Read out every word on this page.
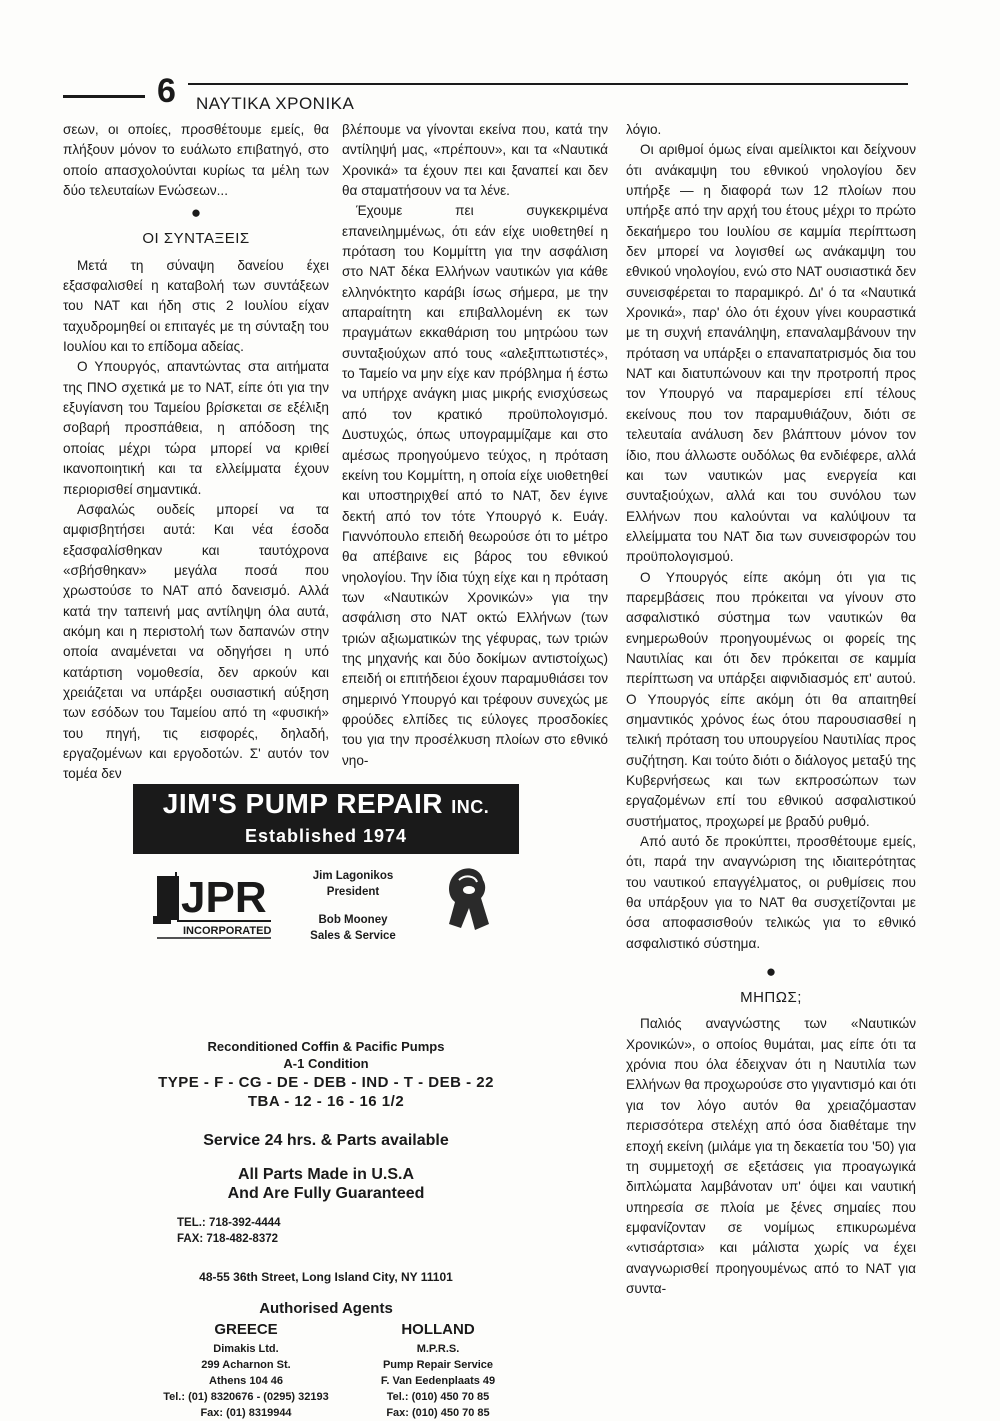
6 ΝΑΥΤΙΚΑ ΧΡΟΝΙΚΑ

σεων, οι οποίες, προσθέτουμε εμείς, θα πλήξουν μόνον το ευάλωτο επιβατηγό, στο οποίο απασχολούνται κυρίως τα μέλη των δύο τελευταίων Ενώσεων...

●
ΟΙ ΣΥΝΤΑΞΕΙΣ

Μετά τη σύναψη δανείου έχει εξασφαλισθεί η καταβολή των συντάξεων του ΝΑΤ και ήδη στις 2 Ιουλίου είχαν ταχυδρομηθεί οι επιταγές με τη σύνταξη του Ιουλίου και το επίδομα αδείας.

Ο Υπουργός, απαντώντας στα αιτήματα της ΠΝΟ σχετικά με το ΝΑΤ, είπε ότι για την εξυγίανση του Ταμείου βρίσκεται σε εξέλιξη σοβαρή προσπάθεια, η απόδοση της οποίας μέχρι τώρα μπορεί να κριθεί ικανοποιητική και τα ελλείμματα έχουν περιορισθεί σημαντικά.

Ασφαλώς ουδείς μπορεί να τα αμφισβητήσει αυτά: Και νέα έσοδα εξασφαλίσθηκαν και ταυτόχρονα «σβήσθηκαν» μεγάλα ποσά που χρωστούσε το ΝΑΤ από δανεισμό. Αλλά κατά την ταπεινή μας αντίληψη όλα αυτά, ακόμη και η περιστολή των δαπανών στην οποία αναμένεται να οδηγήσει η υπό κατάρτιση νομοθεσία, δεν αρκούν και χρειάζεται να υπάρξει ουσιαστική αύξηση των εσόδων του Ταμείου από τη «φυσική» του πηγή, τις εισφορές, δηλαδή, εργαζομένων και εργοδοτών. Σ' αυτόν τον τομέα δεν

βλέπουμε να γίνονται εκείνα που, κατά την αντίληψή μας, «πρέπουν», και τα «Ναυτικά Χρονικά» τα έχουν πει και ξαναπεί και δεν θα σταματήσουν να τα λένε.

Έχουμε πει συγκεκριμένα επανειλημμένως, ότι εάν είχε υιοθετηθεί η πρόταση του Κομμίττη για την ασφάλιση στο ΝΑΤ δέκα Ελλήνων ναυτικών για κάθε ελληνόκτητο καράβι ίσως σήμερα, με την απαραίτητη και επιβαλλομένη εκ των πραγμάτων εκκαθάριση του μητρώου των συνταξιούχων από τους «αλεξιπτωτιστές», το Ταμείο να μην είχε καν πρόβλημα ή έστω να υπήρχε ανάγκη μιας μικρής ενισχύσεως από τον κρατικό προϋπολογισμό. Δυστυχώς, όπως υπογραμμίζαμε και στο αμέσως προηγούμενο τεύχος, η πρόταση εκείνη του Κομμίττη, η οποία είχε υιοθετηθεί και υποστηριχθεί από το ΝΑΤ, δεν έγινε δεκτή από τον τότε Υπουργό κ. Ευάγ. Γιαννόπουλο επειδή θεωρούσε ότι το μέτρο θα απέβαινε εις βάρος του εθνικού νηολογίου. Την ίδια τύχη είχε και η πρόταση των «Ναυτικών Χρονικών» για την ασφάλιση στο ΝΑΤ οκτώ Ελλήνων (των τριών αξιωματικών της γέφυρας, των τριών της μηχανής και δύο δοκίμων αντιστοίχως) επειδή οι επιτήδειοι έχουν παραμυθιάσει τον σημερινό Υπουργό και τρέφουν συνεχώς με φρούδες ελπίδες τις εύλογες προσδοκίες του για την προσέλκυση πλοίων στο εθνικό νηο-

λόγιο.

Οι αριθμοί όμως είναι αμείλικτοι και δείχνουν ότι ανάκαμψη του εθνικού νηολογίου δεν υπήρξε — η διαφορά των 12 πλοίων που υπήρξε από την αρχή του έτους μέχρι το πρώτο δεκαήμερο του Ιουλίου σε καμμία περίπτωση δεν μπορεί να λογισθεί ως ανάκαμψη του εθνικού νηολογίου, ενώ στο ΝΑΤ ουσιαστικά δεν συνεισφέρεται το παραμικρό. Δι' ό τα «Ναυτικά Χρονικά», παρ' όλο ότι έχουν γίνει κουραστικά με τη συχνή επανάληψη, επαναλαμβάνουν την πρόταση να υπάρξει ο επαναπατρισμός δια του ΝΑΤ και διατυπώνουν και την προτροπή προς τον Υπουργό να παραμερίσει επί τέλους εκείνους που τον παραμυθιάζουν, διότι σε τελευταία ανάλυση δεν βλάπτουν μόνον τον ίδιο, που άλλωστε ουδόλως θα ενδιέφερε, αλλά και των ναυτικών μας ενεργεία και συνταξιούχων, αλλά και του συνόλου των Ελλήνων που καλούνται να καλύψουν τα ελλείμματα του ΝΑΤ δια των συνεισφορών του προϋπολογισμού.

Ο Υπουργός είπε ακόμη ότι για τις παρεμβάσεις που πρόκειται να γίνουν στο ασφαλιστικό σύστημα των ναυτικών θα ενημερωθούν προηγουμένως οι φορείς της Ναυτιλίας και ότι δεν πρόκειται σε καμμία περίπτωση να υπάρξει αιφνιδιασμός επ' αυτού. Ο Υπουργός είπε ακόμη ότι θα απαιτηθεί σημαντικός χρόνος έως ότου παρουσιασθεί η τελική πρόταση του υπουργείου Ναυτιλίας προς συζήτηση. Και τούτο διότι ο διάλογος μεταξύ της Κυβερνήσεως και των εκπροσώπων των εργαζομένων επί του εθνικού ασφαλιστικού συστήματος, προχωρεί με βραδύ ρυθμό.

Από αυτό δε προκύπτει, προσθέτουμε εμείς, ότι, παρά την αναγνώριση της ιδιαιτερότητας του ναυτικού επαγγέλματος, οι ρυθμίσεις που θα υπάρξουν για το ΝΑΤ θα συσχετίζονται με όσα αποφασισθούν τελικώς για το εθνικό ασφαλιστικό σύστημα.

●
ΜΗΠΩΣ;

Παλιός αναγνώστης των «Ναυτικών Χρονικών», ο οποίος θυμάται, μας είπε ότι τα χρόνια που όλα έδειχναν ότι η Ναυτιλία των Ελλήνων θα προχωρούσε στο γιγαντισμό και ότι για τον λόγο αυτόν θα χρειαζόμασταν περισσότερα στελέχη από όσα διαθέταμε την εποχή εκείνη (μιλάμε για τη δεκαετία του '50) για τη συμμετοχή σε εξετάσεις για προαγωγικά διπλώματα λαμβάνοταν υπ' όψει και ναυτική υπηρεσία σε πλοία με ξένες σημαίες που εμφανίζονταν σε νομίμως επικυρωμένα «ντισάρτσια» και μάλιστα χωρίς να έχει αναγνωρισθεί προηγουμένως από το ΝΑΤ για συντα-

JIM'S PUMP REPAIR INC.
Established 1974
JPR
INCORPORATED
Jim Lagonikos
President
Bob Mooney
Sales & Service
Reconditioned Coffin & Pacific Pumps
A-1 Condition
TYPE - F - CG - DE - DEB - IND - T - DEB - 22
TBA - 12 - 16 - 16 1/2
Service 24 hrs. & Parts available
All Parts Made in U.S.A
And Are Fully Guaranteed
TEL.: 718-392-4444
FAX: 718-482-8372
48-55 36th Street, Long Island City, NY 11101
Authorised Agents
GREECE
Dimakis Ltd.
299 Acharnon St.
Athens 104 46
Tel.: (01) 8320676 - (0295) 32193
Fax: (01) 8319944
HOLLAND
M.P.R.S.
Pump Repair Service
F. Van Eedenplaats 49
Tel.: (010) 450 70 85
Fax: (010) 450 70 85
